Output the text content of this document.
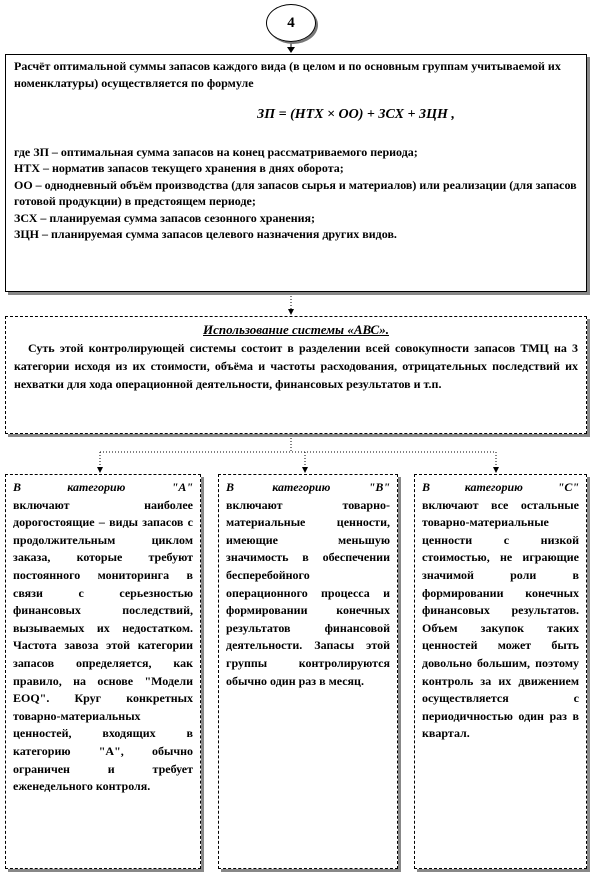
4

Расчёт оптимальной суммы запасов каждого вида (в целом и по основным группам учитываемой их номенклатуры) осуществляется по формуле

ЗП = (НТХ × ОО) + ЗСХ + ЗЦН ,

где ЗП – оптимальная сумма запасов на конец рассматриваемого периода;

НТХ – норматив запасов текущего хранения в днях оборота;

ОО – однодневный объём производства (для запасов сырья и материалов) или реализации (для запасов готовой продукции) в предстоящем периоде;

ЗСХ – планируемая сумма запасов сезонного хранения;

ЗЦН – планируемая сумма запасов целевого назначения других видов.

Использование системы «АВС».
Суть этой контролирующей системы состоит в разделении всей совокупности запасов ТМЦ на 3 категории исходя из их стоимости, объёма и частоты расходования, отрицательных последствий их нехватки для хода операционной деятельности, финансовых результатов и т.п.
В	категорию	"А"
включают наиболее дорогостоящие – виды запасов с продолжительным циклом заказа, которые требуют постоянного мониторинга в связи с серьезностью финансовых последствий, вызываемых их недостатком. Частота завоза этой категории запасов определяется, как правило, на основе "Модели EOQ". Круг конкретных товарно-материальных ценностей, входящих в категорию "А", обычно ограничен и требует еженедельного контроля.
В	категорию	"В"
включают товарно-материальные ценности, имеющие меньшую значимость в обеспечении бесперебойного операционного процесса и формировании конечных результатов финансовой деятельности. Запасы этой группы контролируются обычно один раз в месяц.
В	категорию	"С"
включают все остальные товарно-материальные ценности с низкой стоимостью, не играющие значимой роли в формировании конечных финансовых результатов. Объем закупок таких ценностей может быть довольно большим, поэтому контроль за их движением осуществляется с периодичностью один раз в квартал.
